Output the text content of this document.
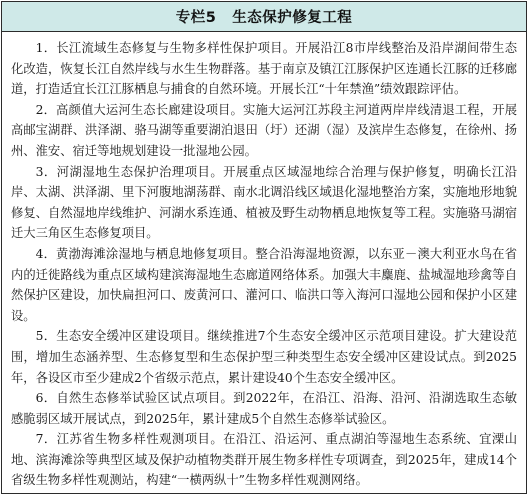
专栏5 生态保护修复工程

1．长江流域生态修复与生物多样性保护项目。开展沿江8市岸线整治及沿岸湖间带生态化改造，恢复长江自然岸线与水生生物群落。基于南京及镇江江豚保护区连通长江豚的迁移廊道，打造适宜长江江豚栖息与捕食的自然环境。开展长江“十年禁渔”绩效跟踪评估。

2．高颜值大运河生态长廊建设项目。实施大运河江苏段主河道两岸岸线清退工程，开展高邮宝湖群、洪泽湖、骆马湖等重要湖泊退田（圩）还湖（湿）及滨岸生态修复，在徐州、扬州、淮安、宿迁等地规划建设一批湿地公园。

3．河湖湿地生态保护治理项目。开展重点区域湿地综合治理与保护修复，明确长江沿岸、太湖、洪泽湖、里下河腹地湖荡群、南水北调沿线区域退化湿地整治方案，实施地形地貌修复、自然湿地岸线维护、河湖水系连通、植被及野生动物栖息地恢复等工程。实施骆马湖宿迁大三角区生态修复项目。

4．黄渤海滩涂湿地与栖息地修复项目。整合沿海湿地资源，以东亚－澳大利亚水鸟在省内的迁徙路线为重点区域构建滨海湿地生态廊道网络体系。加强大丰麋鹿、盐城湿地珍禽等自然保护区建设，加快扁担河口、废黄河口、灌河口、临洪口等入海河口湿地公园和保护小区建设。

5．生态安全缓冲区建设项目。继续推进7个生态安全缓冲区示范项目建设。扩大建设范围，增加生态涵养型、生态修复型和生态保护型三种类型生态安全缓冲区建设试点。到2025年，各设区市至少建成2个省级示范点，累计建设40个生态安全缓冲区。

6．自然生态修举试验区试点项目。到2022年，在沿江、沿海、沿河、沿湖选取生态敏感脆弱区域开展试点，到2025年，累计建成5个自然生态修举试验区。

7．江苏省生物多样性观测项目。在沿江、沿运河、重点湖泊等湿地生态系统、宜溧山地、滨海滩涂等典型区域及保护动植物类群开展生物多样性专项调查，到2025年，建成14个省级生物多样性观测站，构建“一横两纵十”生物多样性观测网络。
